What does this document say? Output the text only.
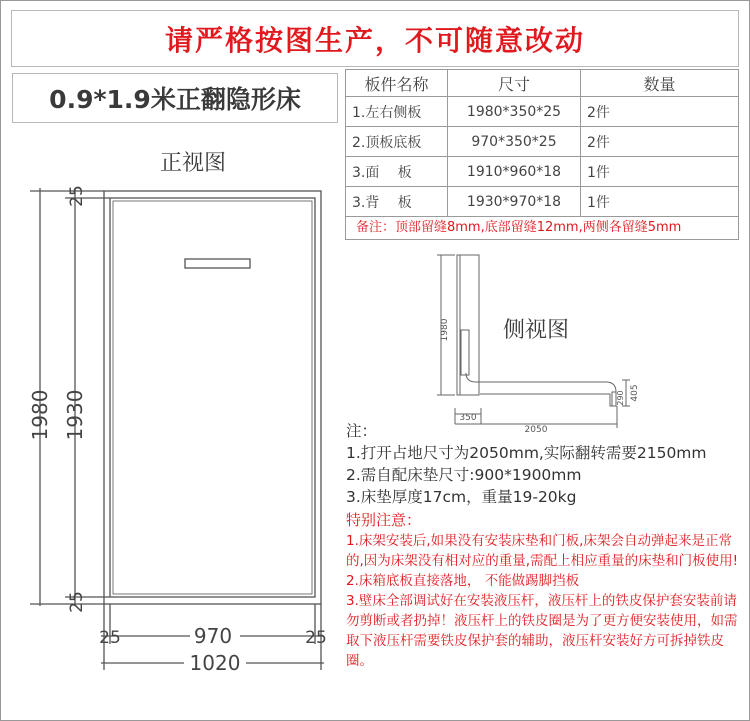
请严格按图生产，不可随意改动
0.9*1.9米正翻隐形床
正视图
板件名称	尺寸	数量
1.左右侧板	1980*350*25	2件
2.顶板底板	970*350*25	2件
3.面　 板	1910*960*18	1件
3.背　 板	1930*970*18	1件
备注：顶部留缝8mm,底部留缝12mm,两侧各留缝5mm
侧视图
1980 1930
25
25
970
1020
25	25
1980
350
2050
405
290
注：
1.打开占地尺寸为2050mm,实际翻转需要2150mm
2.需自配床垫尺寸:900*1900mm
3.床垫厚度17cm，重量19-20kg
特别注意：
1.床架安装后,如果没有安装床垫和门板,床架会自动弹起来是正常的,因为床架没有相对应的重量,需配上相应重量的床垫和门板使用!
2.床箱底板直接落地， 不能做踢脚挡板
3.壁床全部调试好在安装液压杆，液压杆上的铁皮保护套安装前请勿剪断或者扔掉！液压杆上的铁皮圈是为了更方便安装使用，如需取下液压杆需要铁皮保护套的辅助，液压杆安装好方可拆掉铁皮圈。
